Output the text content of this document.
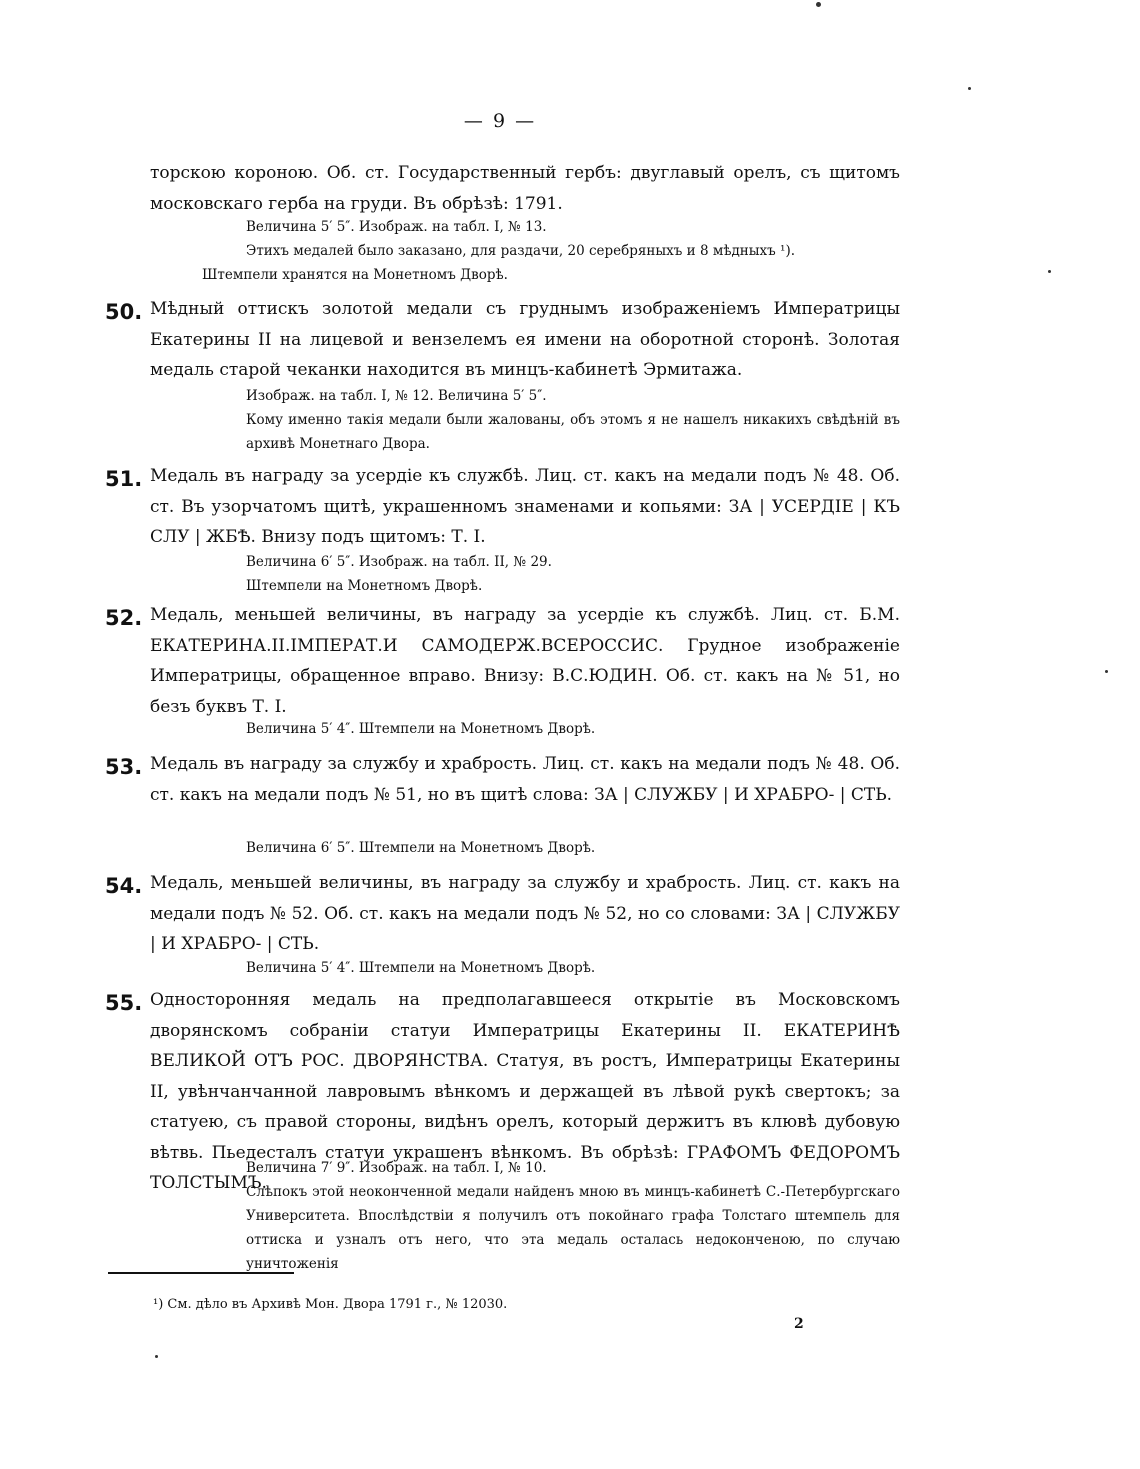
— 9 —

торскою короною. Об. ст. Государственный гербъ: двуглавый орелъ, съ щитомъ московскаго герба на груди. Въ обрѣзѣ: 1791.

Величина 5′ 5″. Изображ. на табл. I, № 13.

Этихъ медалей было заказано, для раздачи, 20 серебряныхъ и 8 мѣдныхъ ¹).

Штемпели хранятся на Монетномъ Дворѣ.

50. Мѣдный оттискъ золотой медали съ груднымъ изображеніемъ Императрицы Екатерины II на лицевой и вензелемъ ея имени на оборотной сторонѣ. Золотая медаль старой чеканки находится въ минцъ-кабинетѣ Эрмитажа.

Изображ. на табл. I, № 12. Величина 5′ 5″.

Кому именно такія медали были жалованы, объ этомъ я не нашелъ никакихъ свѣдѣній въ архивѣ Монетнаго Двора.

51. Медаль въ награду за усердіе къ службѣ. Лиц. ст. какъ на медали подъ № 48. Об. ст. Въ узорчатомъ щитѣ, украшенномъ знаменами и копьями: ЗА | УСЕРДІЕ | КЪ СЛУ | ЖБѢ. Внизу подъ щитомъ: Т. I.

Величина 6′ 5″. Изображ. на табл. II, № 29.

Штемпели на Монетномъ Дворѣ.

52. Медаль, меньшей величины, въ награду за усердіе къ службѣ. Лиц. ст. Б.М. ЕКАТЕРИНА.II.IМПЕРАТ.И САМОДЕРЖ.ВСЕРОССИС. Грудное изображеніе Императрицы, обращенное вправо. Внизу: В.С.ЮДИН. Об. ст. какъ на № 51, но безъ буквъ Т. I.

Величина 5′ 4″. Штемпели на Монетномъ Дворѣ.

53. Медаль въ награду за службу и храбрость. Лиц. ст. какъ на медали подъ № 48. Об. ст. какъ на медали подъ № 51, но въ щитѣ слова: ЗА | СЛУЖБУ | И ХРАБРО- | СТЬ.

Величина 6′ 5″. Штемпели на Монетномъ Дворѣ.

54. Медаль, меньшей величины, въ награду за службу и храбрость. Лиц. ст. какъ на медали подъ № 52. Об. ст. какъ на медали подъ № 52, но со словами: ЗА | СЛУЖБУ | И ХРАБРО- | СТЬ.

Величина 5′ 4″. Штемпели на Монетномъ Дворѣ.

55. Односторонняя медаль на предполагавшееся открытіе въ Московскомъ дворянскомъ собраніи статуи Императрицы Екатерины II. ЕКАТЕРИНѢ ВЕЛИКОЙ ОТЪ РОС. ДВОРЯНСТВА. Статуя, въ ростъ, Императрицы Екатерины II, увѣнчанчанной лавровымъ вѣнкомъ и держащей въ лѣвой рукѣ свертокъ; за статуею, съ правой стороны, видѣнъ орелъ, который держитъ въ клювѣ дубовую вѣтвь. Пьедесталъ статуи украшенъ вѣнкомъ. Въ обрѣзѣ: ГРАФОМЪ ФЕДОРОМЪ ТОЛСТЫМЪ.

Величина 7′ 9″. Изображ. на табл. I, № 10.

Слѣпокъ этой неоконченной медали найденъ мною въ минцъ-кабинетѣ С.-Петербургскаго Университета. Впослѣдствіи я получилъ отъ покойнаго графа Толстаго штемпель для оттиска и узналъ отъ него, что эта медаль осталась недоконченою, по случаю уничтоженія

¹) См. дѣло въ Архивѣ Мон. Двора 1791 г., № 12030.
2
